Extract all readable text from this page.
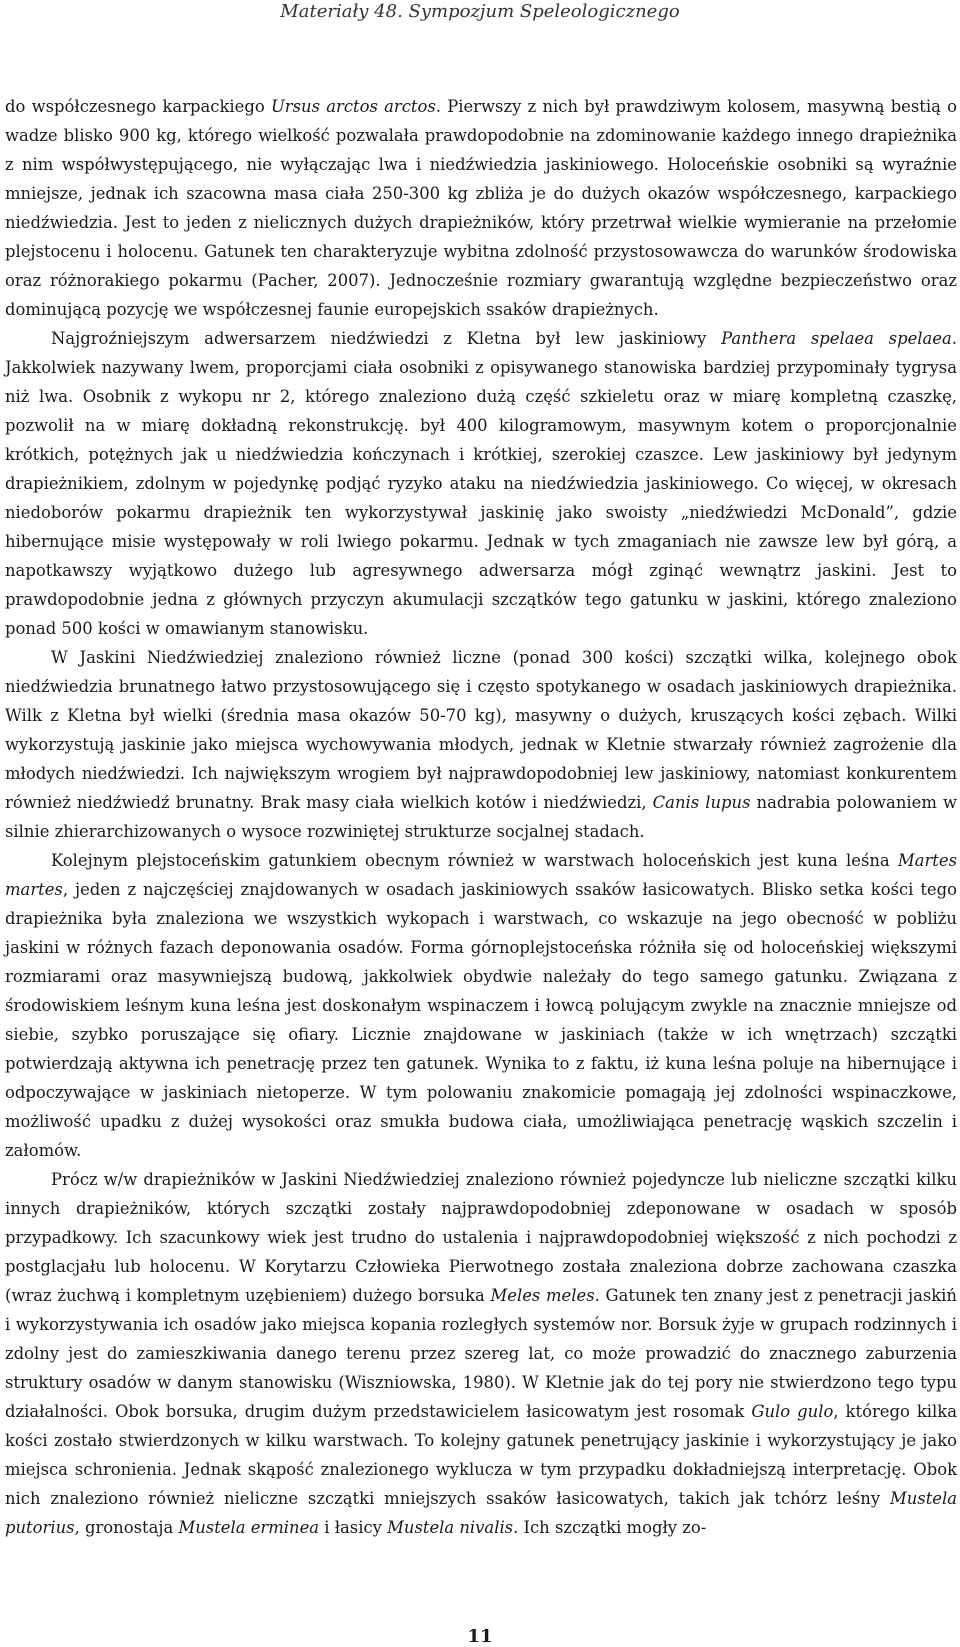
Materiały 48. Sympozjum Speleologicznego

do współczesnego karpackiego Ursus arctos arctos. Pierwszy z nich był prawdziwym kolosem, masywną bestią o wadze blisko 900 kg, którego wielkość pozwalała prawdopodobnie na zdominowanie każdego innego drapieżnika z nim współwystępującego, nie wyłączając lwa i niedźwiedzia jaskiniowego. Holoceńskie osobniki są wyraźnie mniejsze, jednak ich szacowna masa ciała 250-300 kg zbliża je do dużych okazów współczesnego, karpackiego niedźwiedzia. Jest to jeden z nielicznych dużych drapieżników, który przetrwał wielkie wymieranie na przełomie plejstocenu i holocenu. Gatunek ten charakteryzuje wybitna zdolność przystosowawcza do warunków środowiska oraz różnorakiego pokarmu (Pacher, 2007). Jednocześnie rozmiary gwarantują względne bezpieczeństwo oraz dominującą pozycję we współczesnej faunie europejskich ssaków drapieżnych.

Najgroźniejszym adwersarzem niedźwiedzi z Kletna był lew jaskiniowy Panthera spelaea spelaea. Jakkolwiek nazywany lwem, proporcjami ciała osobniki z opisywanego stanowiska bardziej przypominały tygrysa niż lwa. Osobnik z wykopu nr 2, którego znaleziono dużą część szkieletu oraz w miarę kompletną czaszkę, pozwolił na w miarę dokładną rekonstrukcję. był 400 kilogramowym, masywnym kotem o proporcjonalnie krótkich, potężnych jak u niedźwiedzia kończynach i krótkiej, szerokiej czaszce. Lew jaskiniowy był jedynym drapieżnikiem, zdolnym w pojedynkę podjąć ryzyko ataku na niedźwiedzia jaskiniowego. Co więcej, w okresach niedoborów pokarmu drapieżnik ten wykorzystywał jaskinię jako swoisty „niedźwiedzi McDonald”, gdzie hibernujące misie występowały w roli lwiego pokarmu. Jednak w tych zmaganiach nie zawsze lew był górą, a napotkawszy wyjątkowo dużego lub agresywnego adwersarza mógł zginąć wewnątrz jaskini. Jest to prawdopodobnie jedna z głównych przyczyn akumulacji szczątków tego gatunku w jaskini, którego znaleziono ponad 500 kości w omawianym stanowisku.

W Jaskini Niedźwiedziej znaleziono również liczne (ponad 300 kości) szczątki wilka, kolejnego obok niedźwiedzia brunatnego łatwo przystosowującego się i często spotykanego w osadach jaskiniowych drapieżnika. Wilk z Kletna był wielki (średnia masa okazów 50-70 kg), masywny o dużych, kruszących kości zębach. Wilki wykorzystują jaskinie jako miejsca wychowywania młodych, jednak w Kletnie stwarzały również zagrożenie dla młodych niedźwiedzi. Ich największym wrogiem był najprawdopodobniej lew jaskiniowy, natomiast konkurentem również niedźwiedź brunatny. Brak masy ciała wielkich kotów i niedźwiedzi, Canis lupus nadrabia polowaniem w silnie zhierarchizowanych o wysoce rozwiniętej strukturze socjalnej stadach.

Kolejnym plejstoceńskim gatunkiem obecnym również w warstwach holoceńskich jest kuna leśna Martes martes, jeden z najczęściej znajdowanych w osadach jaskiniowych ssaków łasicowatych. Blisko setka kości tego drapieżnika była znaleziona we wszystkich wykopach i warstwach, co wskazuje na jego obecność w pobliżu jaskini w różnych fazach deponowania osadów. Forma górnoplejstoceńska różniła się od holoceńskiej większymi rozmiarami oraz masywniejszą budową, jakkolwiek obydwie należały do tego samego gatunku. Związana z środowiskiem leśnym kuna leśna jest doskonałym wspinaczem i łowcą polującym zwykle na znacznie mniejsze od siebie, szybko poruszające się ofiary. Licznie znajdowane w jaskiniach (także w ich wnętrzach) szczątki potwierdzają aktywna ich penetrację przez ten gatunek. Wynika to z faktu, iż kuna leśna poluje na hibernujące i odpoczywające w jaskiniach nietoperze. W tym polowaniu znakomicie pomagają jej zdolności wspinaczkowe, możliwość upadku z dużej wysokości oraz smukła budowa ciała, umożliwiająca penetrację wąskich szczelin i załomów.

Prócz w/w drapieżników w Jaskini Niedźwiedziej znaleziono również pojedyncze lub nieliczne szczątki kilku innych drapieżników, których szczątki zostały najprawdopodobniej zdeponowane w osadach w sposób przypadkowy. Ich szacunkowy wiek jest trudno do ustalenia i najprawdopodobniej większość z nich pochodzi z postglacjału lub holocenu. W Korytarzu Człowieka Pierwotnego została znaleziona dobrze zachowana czaszka (wraz żuchwą i kompletnym uzębieniem) dużego borsuka Meles meles. Gatunek ten znany jest z penetracji jaskiń i wykorzystywania ich osadów jako miejsca kopania rozległych systemów nor. Borsuk żyje w grupach rodzinnych i zdolny jest do zamieszkiwania danego terenu przez szereg lat, co może prowadzić do znacznego zaburzenia struktury osadów w danym stanowisku (Wiszniowska, 1980). W Kletnie jak do tej pory nie stwierdzono tego typu działalności. Obok borsuka, drugim dużym przedstawicielem łasicowatym jest rosomak Gulo gulo, którego kilka kości zostało stwierdzonych w kilku warstwach. To kolejny gatunek penetrujący jaskinie i wykorzystujący je jako miejsca schronienia. Jednak skąpość znalezionego wyklucza w tym przypadku dokładniejszą interpretację. Obok nich znaleziono również nieliczne szczątki mniejszych ssaków łasicowatych, takich jak tchórz leśny Mustela putorius, gronostaja Mustela erminea i łasicy Mustela nivalis. Ich szczątki mogły zo-

11
